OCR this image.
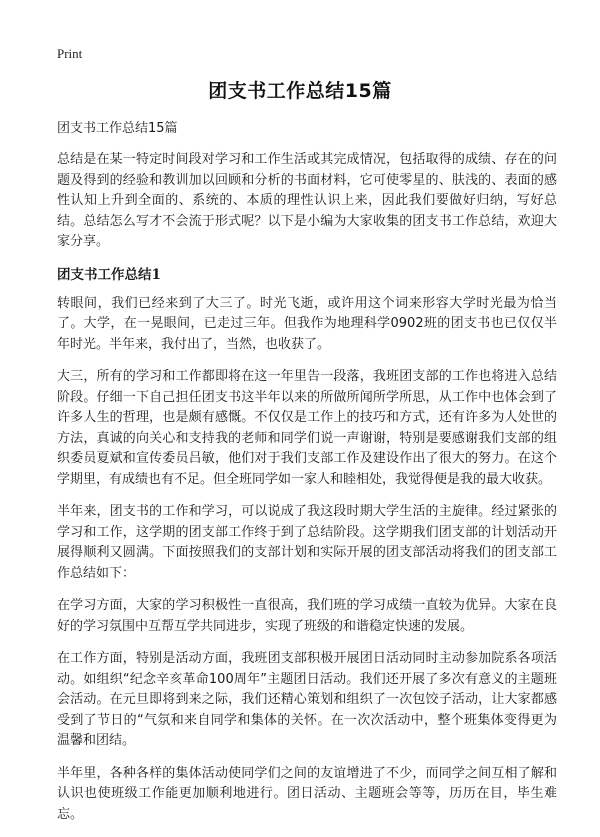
Print
团支书工作总结15篇

团支书工作总结15篇

总结是在某一特定时间段对学习和工作生活或其完成情况，包括取得的成绩、存在的问题及得到的经验和教训加以回顾和分析的书面材料，它可使零星的、肤浅的、表面的感性认知上升到全面的、系统的、本质的理性认识上来，因此我们要做好归纳，写好总结。总结怎么写才不会流于形式呢？以下是小编为大家收集的团支书工作总结，欢迎大家分享。

团支书工作总结1

转眼间，我们已经来到了大三了。时光飞逝，或许用这个词来形容大学时光最为恰当了。大学，在一晃眼间，已走过三年。但我作为地理科学0902班的团支书也已仅仅半年时光。半年来，我付出了，当然，也收获了。

大三，所有的学习和工作都即将在这一年里告一段落，我班团支部的工作也将进入总结阶段。仔细一下自己担任团支书这半年以来的所做所闻所学所思，从工作中也体会到了许多人生的哲理，也是颇有感慨。不仅仅是工作上的技巧和方式，还有许多为人处世的方法，真诚的向关心和支持我的老师和同学们说一声谢谢，特别是要感谢我们支部的组织委员夏斌和宣传委员吕敏，他们对于我们支部工作及建设作出了很大的努力。在这个学期里，有成绩也有不足。但全班同学如一家人和睦相处，我觉得便是我的最大收获。

半年来，团支书的工作和学习，可以说成了我这段时期大学生活的主旋律。经过紧张的学习和工作，这学期的团支部工作终于到了总结阶段。这学期我们团支部的计划活动开展得顺利又圆满。下面按照我们的支部计划和实际开展的团支部活动将我们的团支部工作总结如下：

在学习方面，大家的学习积极性一直很高，我们班的学习成绩一直较为优异。大家在良好的学习氛围中互帮互学共同进步，实现了班级的和谐稳定快速的发展。

在工作方面，特别是活动方面，我班团支部积极开展团日活动同时主动参加院系各项活动。如组织“纪念辛亥革命100周年”主题团日活动。我们还开展了多次有意义的主题班会活动。在元旦即将到来之际，我们还精心策划和组织了一次包饺子活动，让大家都感受到了节日的“气氛和来自同学和集体的关怀。在一次次活动中，整个班集体变得更为温馨和团结。

半年里，各种各样的集体活动使同学们之间的友谊增进了不少，而同学之间互相了解和认识也使班级工作能更加顺利地进行。团日活动、主题班会等等，历历在目，毕生难忘。
